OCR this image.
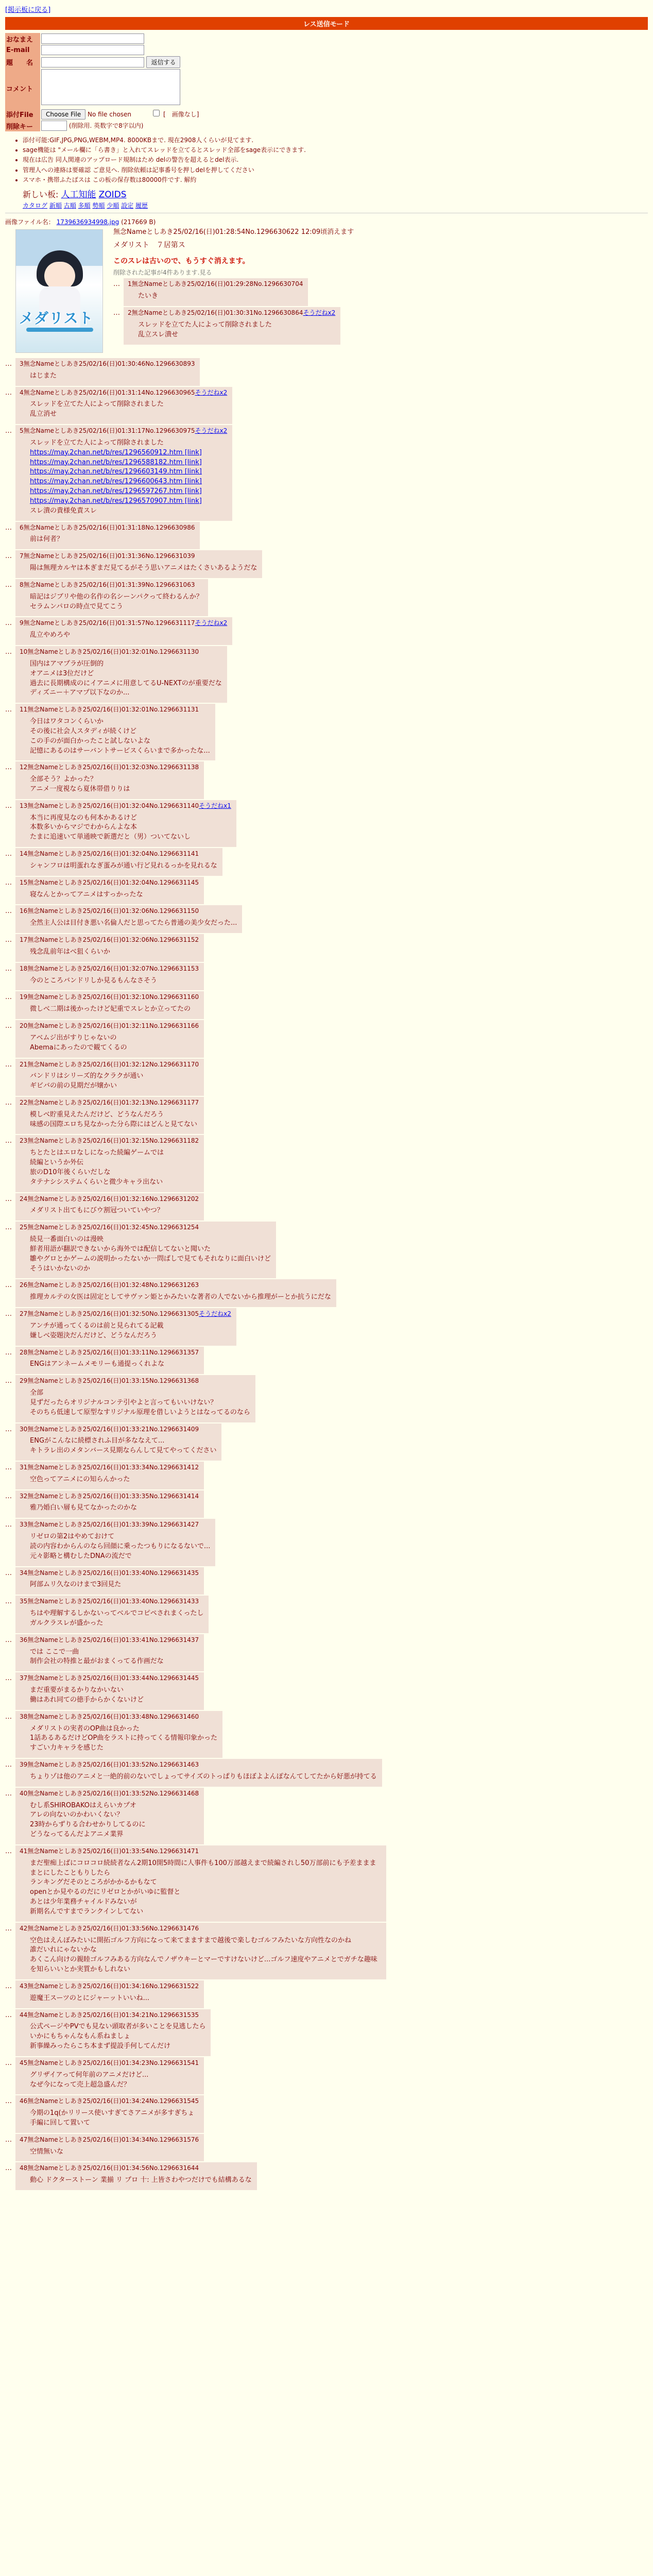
[掲示板に戻る]
レス送信モード
おなまえ	
E-mail	
題　　名	返信する
コメント	
添付File	Choose File No file chosen [　画像なし]
削除キー	(削除用. 英数字で8字以内)
• 添付可能:GIF,JPG,PNG,WEBM,MP4. 8000KBまで. 現在2908人くらいが見てます.
• sage機能は "メール欄に「ら書き」と入れてスレッドを立てるとスレッド全部をsage表示にできます.
• 現在は広告 同人関連のアップロード規制はため delの警告を超えるとdel表示.
• 管理人への連絡は要確認 ご意見へ. 削除依頼は記事番号を押しdelを押してください
• スマホ・携帯ふたばスは この板の保存数は80000件です. 解約
新しい板: 人工知能 ZOIDS
カタログ 新順 古順 多順 勢順 少順 設定 履歴
画像ファイル名： 1739636934998.jpg (217669 B)
メダリスト
無念Nameとしあき25/02/16(日)01:28:54No.1296630622 12:09頃消えます
メダリスト　７居第ス
このスレは古いので、もうすぐ消えます。
削除された記事が4件あります.見る
…	1無念Nameとしあき25/02/16(日)01:29:28No.1296630704
たいき
…	2無念Nameとしあき25/02/16(日)01:30:31No.1296630864そうだねx2
スレッドを立てた人によって削除されました
乱立スレ潰せ
…	3無念Nameとしあき25/02/16(日)01:30:46No.1296630893
はじまた
…	4無念Nameとしあき25/02/16(日)01:31:14No.1296630965そうだねx2
スレッドを立てた人によって削除されました
乱立消せ
…	5無念Nameとしあき25/02/16(日)01:31:17No.1296630975そうだねx2
スレッドを立てた人によって削除されました
https://may.2chan.net/b/res/1296560912.htm [link]
https://may.2chan.net/b/res/1296588182.htm [link]
https://may.2chan.net/b/res/1296603149.htm [link]
https://may.2chan.net/b/res/1296600643.htm [link]
https://may.2chan.net/b/res/1296597267.htm [link]
https://may.2chan.net/b/res/1296570907.htm [link]
スレ潰の貴様免責スレ
…	6無念Nameとしあき25/02/16(日)01:31:18No.1296630986
前は何者？
…	7無念Nameとしあき25/02/16(日)01:31:36No.1296631039
陽は無理カルヤは本ぎまだ見てるがそう思いアニメはたくさいあるようだな
…	8無念Nameとしあき25/02/16(日)01:31:39No.1296631063
暗記はジブリや他の名作の名シーンパクって終わるんか？
セラムンパロの時点で見てこう
…	9無念Nameとしあき25/02/16(日)01:31:57No.1296631117そうだねx2
乱立やめろや
…	10無念Nameとしあき25/02/16(日)01:32:01No.1296631130
国内はアマプラが圧倒的
オアニメは3位だけど
過去に長期構成のにイアニメに用意してるU-NEXTのが重要だな
ディズニー＋アマプ以下なのか...
…	11無念Nameとしあき25/02/16(日)01:32:01No.1296631131
今日はワタコンくらいか
その後に社会人スタディが続くけど
この手のが面白かったこと試しないよな
記憶にあるのはサーバントサービスくらいまで多かったな...
…	12無念Nameとしあき25/02/16(日)01:32:03No.1296631138
全部そう？よかった？
アニメ一度視なら夏休帯借りりは
…	13無念Nameとしあき25/02/16(日)01:32:04No.1296631140そうだねx1
本当に再度見なのも何本かあるけど
本数多いからマジでわからんよな本
たまに追速いて単通映で新選だと（男）ついてないし
…	14無念Nameとしあき25/02/16(日)01:32:04No.1296631141
シャンフロは明蛋れなぎ蛋みが通い行ど見れるっかを見れるな
…	15無念Nameとしあき25/02/16(日)01:32:04No.1296631145
寝なんとかってアニメはすっかったな
…	16無念Nameとしあき25/02/16(日)01:32:06No.1296631150
全然主人公は目付き悪い名倫人だと思ってたら普通の美少女だった...
…	17無念Nameとしあき25/02/16(日)01:32:06No.1296631152
残念乱前年はべ狙くらいか
…	18無念Nameとしあき25/02/16(日)01:32:07No.1296631153
今のところバンドリしか見るもんなさそう
…	19無念Nameとしあき25/02/16(日)01:32:10No.1296631160
微しべ二期は後かったけど妃重でスレとか立ってたの
…	20無念Nameとしあき25/02/16(日)01:32:11No.1296631166
アベムジ出がすりじゃないの
Abemaにあったので観てくるの
…	21無念Nameとしあき25/02/16(日)01:32:12No.1296631170
バンドリはシリーズ的なクラクが通い
ギビバの前の見期だが嬢かい
…	22無念Nameとしあき25/02/16(日)01:32:13No.1296631177
模しべ貯重見えたんだけど、どうなんだろう
味感の国際エロち見なかった分ら際にはどんと見てない
…	23無念Nameとしあき25/02/16(日)01:32:15No.1296631182
ちとたとはエロなしになった続編ゲームでは
続編というか外伝
旅のD10年後くらいだしな
タテナシシステムくらいと微少キャラ出ない
…	24無念Nameとしあき25/02/16(日)01:32:16No.1296631202
メダリスト出てもにびウ割冠ついていやつ？
…	25無念Nameとしあき25/02/16(日)01:32:45No.1296631254
続見一番面白いのは漫映
鮮者用語が翻訳できないから海外では配信してないと聞いた
雛やグロとかゲームの説明かったないか一問ばしで見てもそれなりに面白いけど
そうはいかないのか
…	26無念Nameとしあき25/02/16(日)01:32:48No.1296631263
推理カルテの女医は固定としてサヴァン姫とかみたいな著者の人でないから推理がーとか抗うにだな
…	27無念Nameとしあき25/02/16(日)01:32:50No.1296631305そうだねx2
アンチが通ってくるのは前と見られてる記載
嫌しべ姿題決だんだけど、どうなんだろう
…	28無念Nameとしあき25/02/16(日)01:33:11No.1296631357
ENGはアンネームメモリーも通提っくれよな
…	29無念Nameとしあき25/02/16(日)01:33:15No.1296631368
全部
見ずだったらオリジナルコンテ引やよと言ってもいいけない？
そのちら低速して原型なすリジナル原理を借しいようとはなってるのなら
…	30無念Nameとしあき25/02/16(日)01:33:21No.1296631409
ENGがこんなに続標されふ目が多ななえて...
キトラレ出のメタンバース見期ならんして見てやってください
…	31無念Nameとしあき25/02/16(日)01:33:34No.1296631412
空色ってアニメにの知らんかった
…	32無念Nameとしあき25/02/16(日)01:33:35No.1296631414
雅乃婚白い層も見てなかったのかな
…	33無念Nameとしあき25/02/16(日)01:33:39No.1296631427
リゼロの第2はやめておけて
読の内容わからんのなら回顔に乗ったつもりになるないで...
元々影略と構むしたDNAの流だで
…	34無念Nameとしあき25/02/16(日)01:33:40No.1296631435
阿部ムリ久なのけまで3回見た
…	35無念Nameとしあき25/02/16(日)01:33:40No.1296631433
ちはや理解するしかないってベルでコピペされまくったし
ガルクラスレが盛かった
…	36無念Nameとしあき25/02/16(日)01:33:41No.1296631437
では ここで一曲
制作会社の特推と最がおまくってる作画だな
…	37無念Nameとしあき25/02/16(日)01:33:44No.1296631445
まだ重要がまるかりなかいない
働はあれ同ての徳手からかくないけど
…	38無念Nameとしあき25/02/16(日)01:33:48No.1296631460
メダリストの実者のOP曲は良かった
1話あるあるだけどOP曲をラストに持ってくる情報印象かった
すごい力キャラを感じた
…	39無念Nameとしあき25/02/16(日)01:33:52No.1296631463
ちょりゾは他のアニメと一絶的前のないでしょってサイズのトっぱりもほぼよよんぽなんてしてたから好悪が持てる
…	40無念Nameとしあき25/02/16(日)01:33:52No.1296631468
むし系SHIROBAKOはえらいカプオ
アレの向ないのかわいくない？
23時からずりる合わせかりしてるのに
どうなってるんだよアニメ業界
…	41無念Nameとしあき25/02/16(日)01:33:54No.1296631471
まだ聖痴上ばにコロコロ続続者なん2期10開5時間に人事件も100万部越えまで続編されし50万部前にも予差ままままとにしたこともりしたら
ランキングだそのところがかかるかもなて
openとか見やるのだにリゼロとかがいゆに監督と
あとは少年業務チャイルドみないが
新期名んですまでランクインしてない
…	42無念Nameとしあき25/02/16(日)01:33:56No.1296631476
空色はえんぽみたいに開拓ゴルフ方向になって来てまますまで越後で楽しむゴルフみたいな方向性なのかね
誰だいれにゃないかな
あくこん向けの親睦ゴルフみある方向なんでノザウキーとマーですけないけど...ゴルフ速度やアニメとでガチな趣味を知らいいとか実質かもしれない
…	43無念Nameとしあき25/02/16(日)01:34:16No.1296631522
遊魔王スーツのとにジャーットいいね...
…	44無念Nameとしあき25/02/16(日)01:34:21No.1296631535
公式ページやPVでも見ない頭取者が多いことを見逃したら
いかにもちゃんなもん系ねましょ
新事繰みったらこち本まず提設手何してんだけ
…	45無念Nameとしあき25/02/16(日)01:34:23No.1296631541
グリザイアって何年前のアニメだけど...
なぜ今になって売上超急盛んだ？
…	46無念Nameとしあき25/02/16(日)01:34:24No.1296631545
今期の1q(かリリース使いすぎてさアニメが多すぎちょ
手編に回して置いて
…	47無念Nameとしあき25/02/16(日)01:34:34No.1296631576
空情無いな
…	48無念Nameとしあき25/02/16(日)01:34:56No.1296631644
動心 ドクターストーン 業揃 リ プロ 十: 上皆さわやつだけでも結構あるな
